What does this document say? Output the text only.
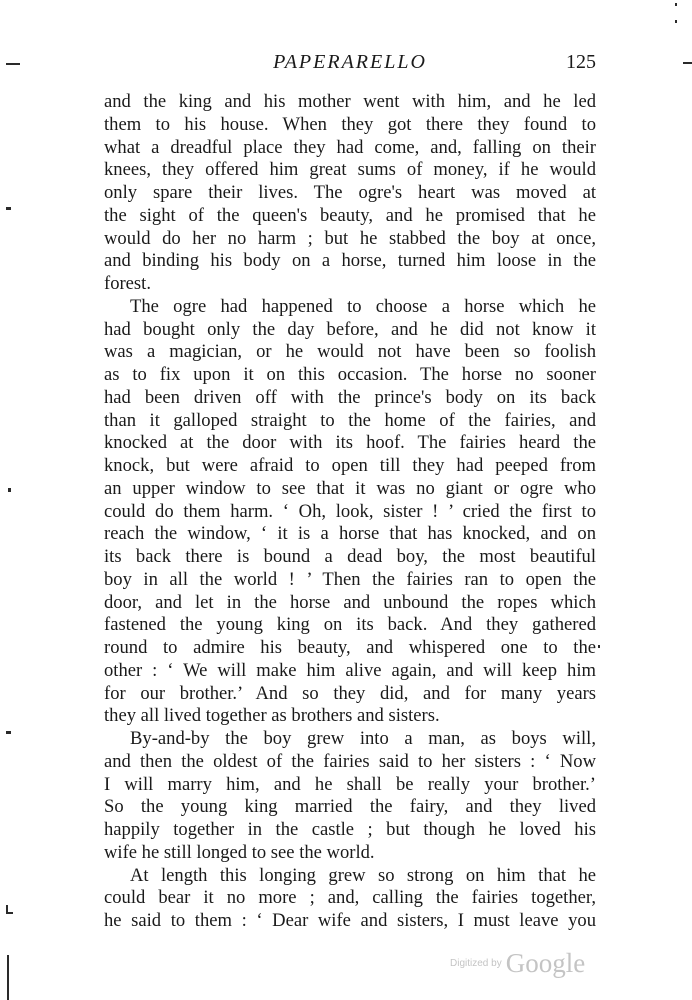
PAPERARELLO	125
and the king and his mother went with him, and he led
them to his house. When they got there they found to
what a dreadful place they had come, and, falling on their
knees, they offered him great sums of money, if he would
only spare their lives. The ogre's heart was moved at
the sight of the queen's beauty, and he promised that he
would do her no harm ; but he stabbed the boy at once,
and binding his body on a horse, turned him loose in the
forest.
The ogre had happened to choose a horse which he
had bought only the day before, and he did not know it
was a magician, or he would not have been so foolish
as to fix upon it on this occasion. The horse no sooner
had been driven off with the prince's body on its back
than it galloped straight to the home of the fairies, and
knocked at the door with its hoof. The fairies heard the
knock, but were afraid to open till they had peeped from
an upper window to see that it was no giant or ogre who
could do them harm. ‘ Oh, look, sister ! ’ cried the first to
reach the window, ‘ it is a horse that has knocked, and on
its back there is bound a dead boy, the most beautiful
boy in all the world ! ’ Then the fairies ran to open the
door, and let in the horse and unbound the ropes which
fastened the young king on its back. And they gathered
round to admire his beauty, and whispered one to the
other : ‘ We will make him alive again, and will keep him
for our brother.’ And so they did, and for many years
they all lived together as brothers and sisters.
By-and-by the boy grew into a man, as boys will,
and then the oldest of the fairies said to her sisters : ‘ Now
I will marry him, and he shall be really your brother.’
So the young king married the fairy, and they lived
happily together in the castle ; but though he loved his
wife he still longed to see the world.
At length this longing grew so strong on him that he
could bear it no more ; and, calling the fairies together,
he said to them : ‘ Dear wife and sisters, I must leave you
Digitized by Google
